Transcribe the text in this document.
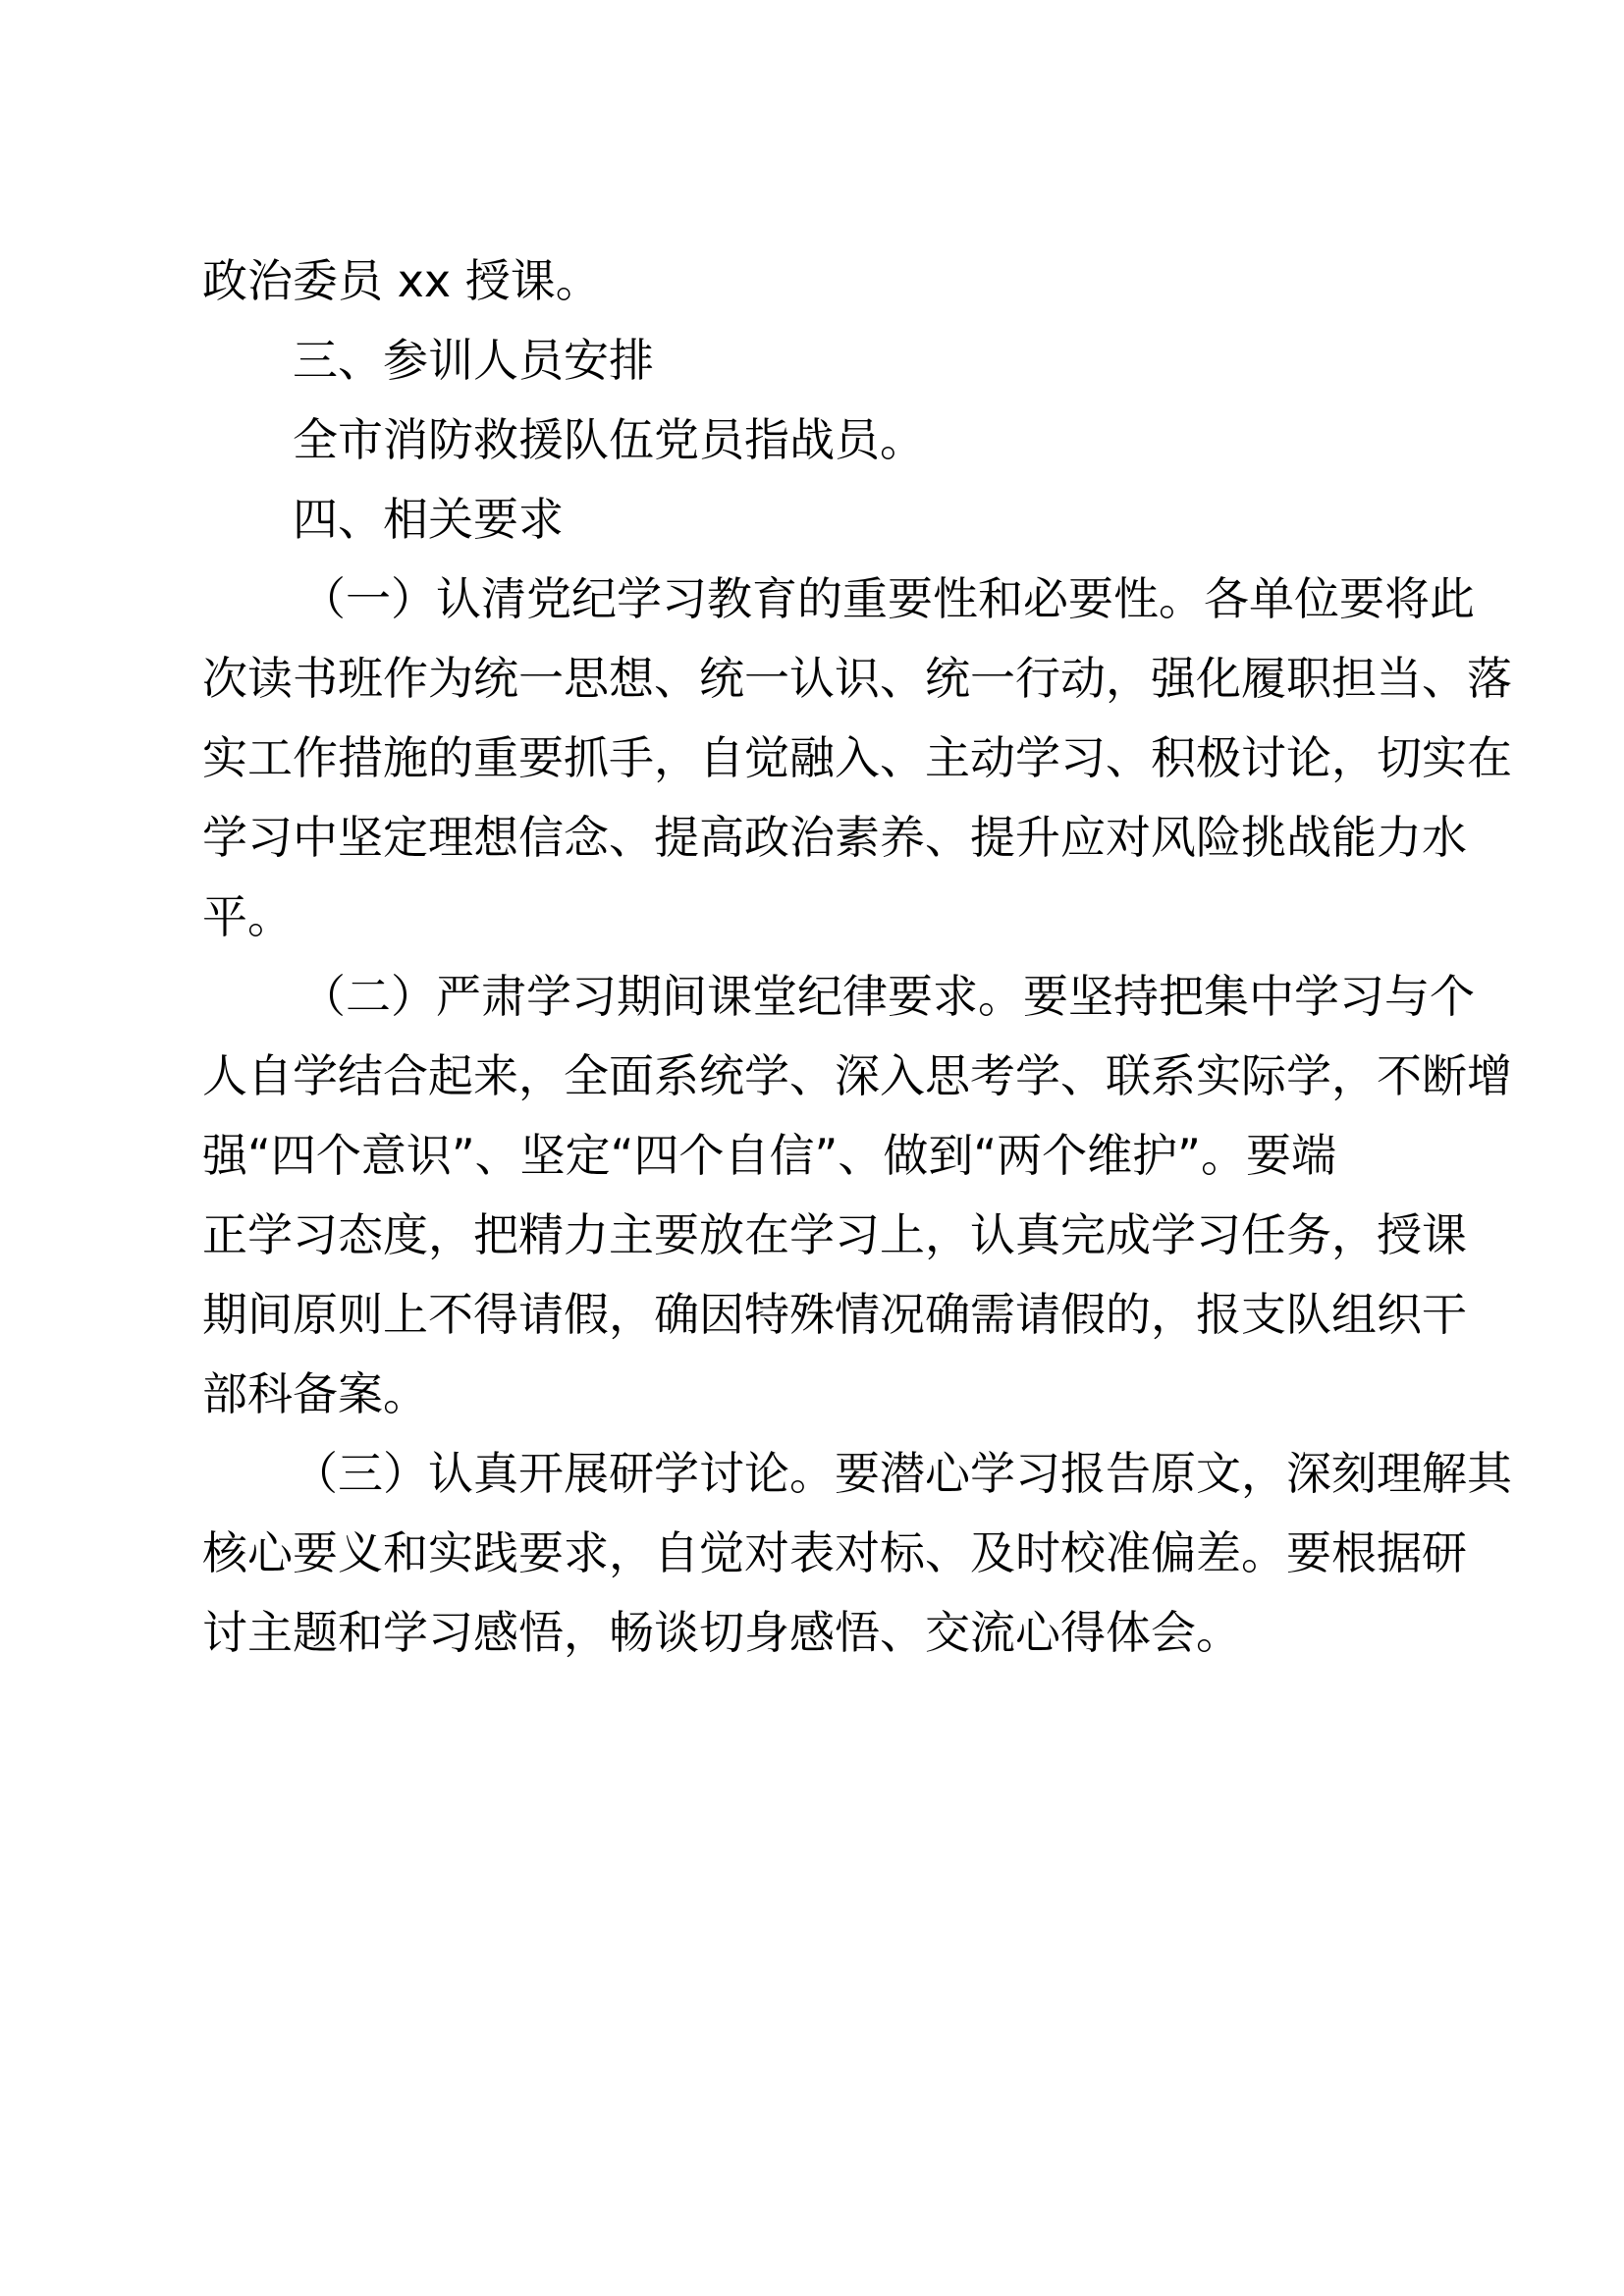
政治委员 xx 授课。
三、参训人员安排
全市消防救援队伍党员指战员。
四、相关要求
（一）认清党纪学习教育的重要性和必要性。各单位要将此
次读书班作为统一思想、统一认识、统一行动，强化履职担当、落
实工作措施的重要抓手，自觉融入、主动学习、积极讨论，切实在
学习中坚定理想信念、提高政治素养、提升应对风险挑战能力水
平。
（二）严肃学习期间课堂纪律要求。要坚持把集中学习与个
人自学结合起来，全面系统学、深入思考学、联系实际学，不断增
强“四个意识”、坚定“四个自信”、做到“两个维护”。要端
正学习态度，把精力主要放在学习上，认真完成学习任务，授课
期间原则上不得请假，确因特殊情况确需请假的，报支队组织干
部科备案。
（三）认真开展研学讨论。要潜心学习报告原文，深刻理解其
核心要义和实践要求，自觉对表对标、及时校准偏差。要根据研
讨主题和学习感悟，畅谈切身感悟、交流心得体会。
